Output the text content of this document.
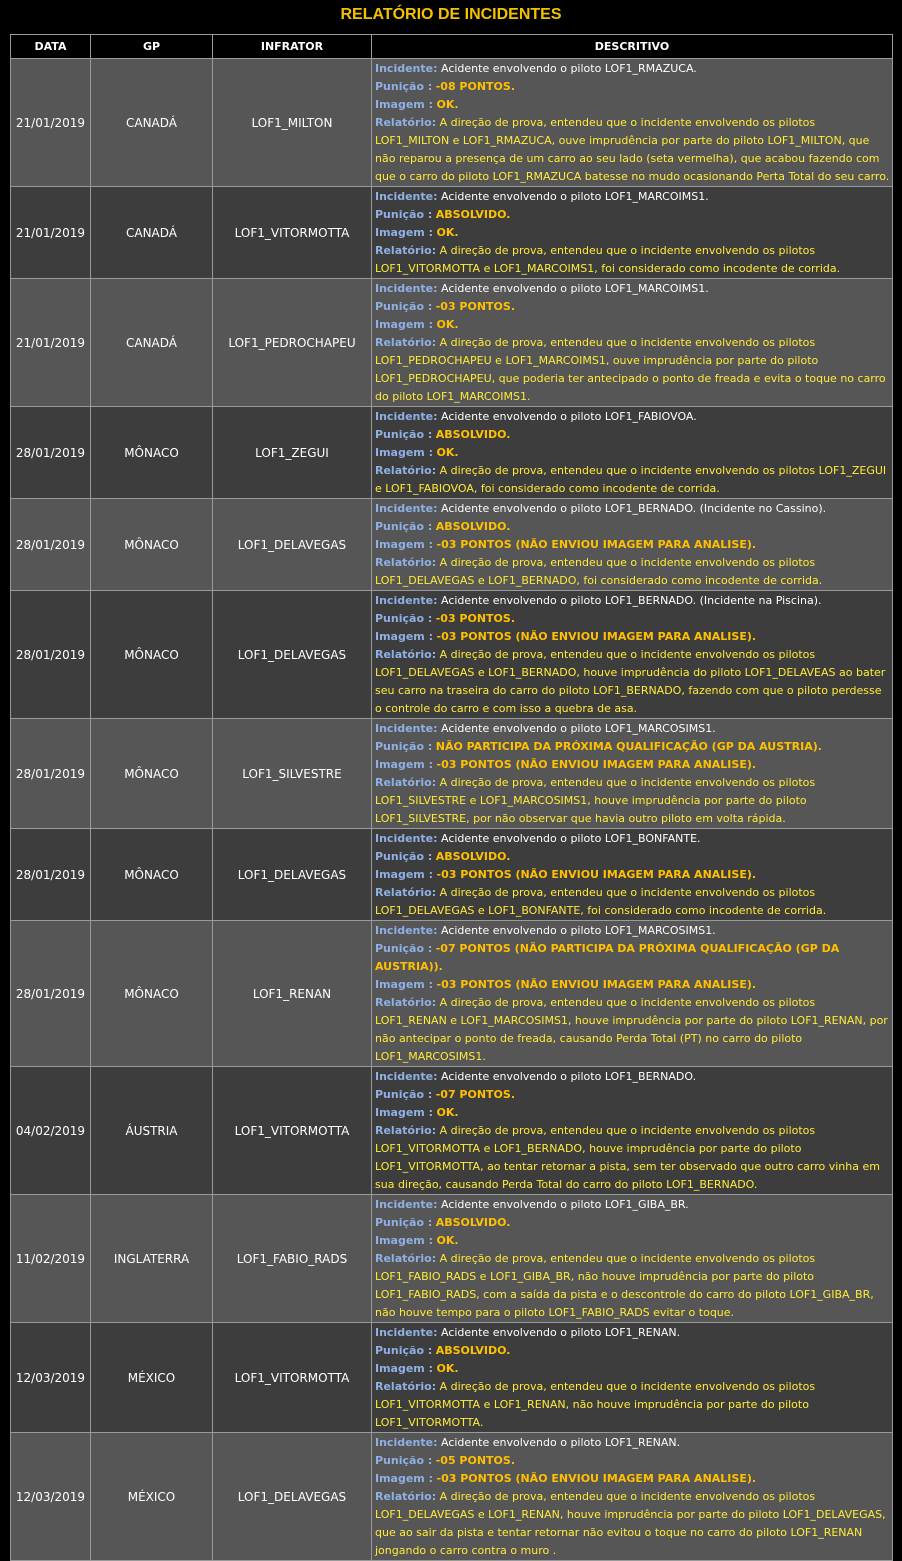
RELATÓRIO DE INCIDENTES
DATA	GP	INFRATOR	DESCRITIVO
21/01/2019	CANADÁ	LOF1_MILTON	Incidente: Acidente envolvendo o piloto LOF1_RMAZUCA.
Punição : -08 PONTOS.
Imagem : OK.
Relatório: A direção de prova, entendeu que o incidente envolvendo os pilotos LOF1_MILTON e LOF1_RMAZUCA, ouve imprudência por parte do piloto LOF1_MILTON, que não reparou a presença de um carro ao seu lado (seta vermelha), que acabou fazendo com que o carro do piloto LOF1_RMAZUCA batesse no mudo ocasionando Perta Total do seu carro.

21/01/2019	CANADÁ	LOF1_VITORMOTTA	Incidente: Acidente envolvendo o piloto LOF1_MARCOIMS1.
Punição : ABSOLVIDO.
Imagem : OK.
Relatório: A direção de prova, entendeu que o incidente envolvendo os pilotos LOF1_VITORMOTTA e LOF1_MARCOIMS1, foi considerado como incodente de corrida.

21/01/2019	CANADÁ	LOF1_PEDROCHAPEU	Incidente: Acidente envolvendo o piloto LOF1_MARCOIMS1.
Punição : -03 PONTOS.
Imagem : OK.
Relatório: A direção de prova, entendeu que o incidente envolvendo os pilotos LOF1_PEDROCHAPEU e LOF1_MARCOIMS1, ouve imprudência por parte do piloto LOF1_PEDROCHAPEU, que poderia ter antecipado o ponto de freada e evita o toque no carro do piloto LOF1_MARCOIMS1.

28/01/2019	MÔNACO	LOF1_ZEGUI	Incidente: Acidente envolvendo o piloto LOF1_FABIOVOA.
Punição : ABSOLVIDO.
Imagem : OK.
Relatório: A direção de prova, entendeu que o incidente envolvendo os pilotos LOF1_ZEGUI e LOF1_FABIOVOA, foi considerado como incodente de corrida.

28/01/2019	MÔNACO	LOF1_DELAVEGAS	Incidente: Acidente envolvendo o piloto LOF1_BERNADO. (Incidente no Cassino).
Punição : ABSOLVIDO.
Imagem : -03 PONTOS (NÃO ENVIOU IMAGEM PARA ANALISE).
Relatório: A direção de prova, entendeu que o incidente envolvendo os pilotos LOF1_DELAVEGAS e LOF1_BERNADO, foi considerado como incodente de corrida.

28/01/2019	MÔNACO	LOF1_DELAVEGAS	Incidente: Acidente envolvendo o piloto LOF1_BERNADO. (Incidente na Piscina).
Punição : -03 PONTOS.
Imagem : -03 PONTOS (NÃO ENVIOU IMAGEM PARA ANALISE).
Relatório: A direção de prova, entendeu que o incidente envolvendo os pilotos LOF1_DELAVEGAS e LOF1_BERNADO, houve imprudência do piloto LOF1_DELAVEAS ao bater seu carro na traseira do carro do piloto LOF1_BERNADO, fazendo com que o piloto perdesse o controle do carro e com isso a quebra de asa.

28/01/2019	MÔNACO	LOF1_SILVESTRE	Incidente: Acidente envolvendo o piloto LOF1_MARCOSIMS1.
Punição : NÃO PARTICIPA DA PRÓXIMA QUALIFICAÇÃO (GP DA AUSTRIA).
Imagem : -03 PONTOS (NÃO ENVIOU IMAGEM PARA ANALISE).
Relatório: A direção de prova, entendeu que o incidente envolvendo os pilotos LOF1_SILVESTRE e LOF1_MARCOSIMS1, houve imprudência por parte do piloto LOF1_SILVESTRE, por não observar que havia outro piloto em volta rápida.

28/01/2019	MÔNACO	LOF1_DELAVEGAS	Incidente: Acidente envolvendo o piloto LOF1_BONFANTE.
Punição : ABSOLVIDO.
Imagem : -03 PONTOS (NÃO ENVIOU IMAGEM PARA ANALISE).
Relatório: A direção de prova, entendeu que o incidente envolvendo os pilotos LOF1_DELAVEGAS e LOF1_BONFANTE, foi considerado como incodente de corrida.

28/01/2019	MÔNACO	LOF1_RENAN	Incidente: Acidente envolvendo o piloto LOF1_MARCOSIMS1.
Punição : -07 PONTOS (NÃO PARTICIPA DA PRÓXIMA QUALIFICAÇÃO (GP DA AUSTRIA)).
Imagem : -03 PONTOS (NÃO ENVIOU IMAGEM PARA ANALISE).
Relatório: A direção de prova, entendeu que o incidente envolvendo os pilotos LOF1_RENAN e LOF1_MARCOSIMS1, houve imprudência por parte do piloto LOF1_RENAN, por não antecipar o ponto de freada, causando Perda Total (PT) no carro do piloto LOF1_MARCOSIMS1.

04/02/2019	ÁUSTRIA	LOF1_VITORMOTTA	Incidente: Acidente envolvendo o piloto LOF1_BERNADO.
Punição : -07 PONTOS.
Imagem : OK.
Relatório: A direção de prova, entendeu que o incidente envolvendo os pilotos LOF1_VITORMOTTA e LOF1_BERNADO, houve imprudência por parte do piloto LOF1_VITORMOTTA, ao tentar retornar a pista, sem ter observado que outro carro vinha em sua direção, causando Perda Total do carro do piloto LOF1_BERNADO.

11/02/2019	INGLATERRA	LOF1_FABIO_RADS	Incidente: Acidente envolvendo o piloto LOF1_GIBA_BR.
Punição : ABSOLVIDO.
Imagem : OK.
Relatório: A direção de prova, entendeu que o incidente envolvendo os pilotos LOF1_FABIO_RADS e LOF1_GIBA_BR, não houve imprudência por parte do piloto LOF1_FABIO_RADS, com a saída da pista e o descontrole do carro do piloto LOF1_GIBA_BR, não houve tempo para o piloto LOF1_FABIO_RADS evitar o toque.

12/03/2019	MÉXICO	LOF1_VITORMOTTA	Incidente: Acidente envolvendo o piloto LOF1_RENAN.
Punição : ABSOLVIDO.
Imagem : OK.
Relatório: A direção de prova, entendeu que o incidente envolvendo os pilotos LOF1_VITORMOTTA e LOF1_RENAN, não houve imprudência por parte do piloto LOF1_VITORMOTTA.

12/03/2019	MÉXICO	LOF1_DELAVEGAS	Incidente: Acidente envolvendo o piloto LOF1_RENAN.
Punição : -05 PONTOS.
Imagem : -03 PONTOS (NÃO ENVIOU IMAGEM PARA ANALISE).
Relatório: A direção de prova, entendeu que o incidente envolvendo os pilotos LOF1_DELAVEGAS e LOF1_RENAN, houve imprudência por parte do piloto LOF1_DELAVEGAS, que ao sair da pista e tentar retornar não evitou o toque no carro do piloto LOF1_RENAN jongando o carro contra o muro .
